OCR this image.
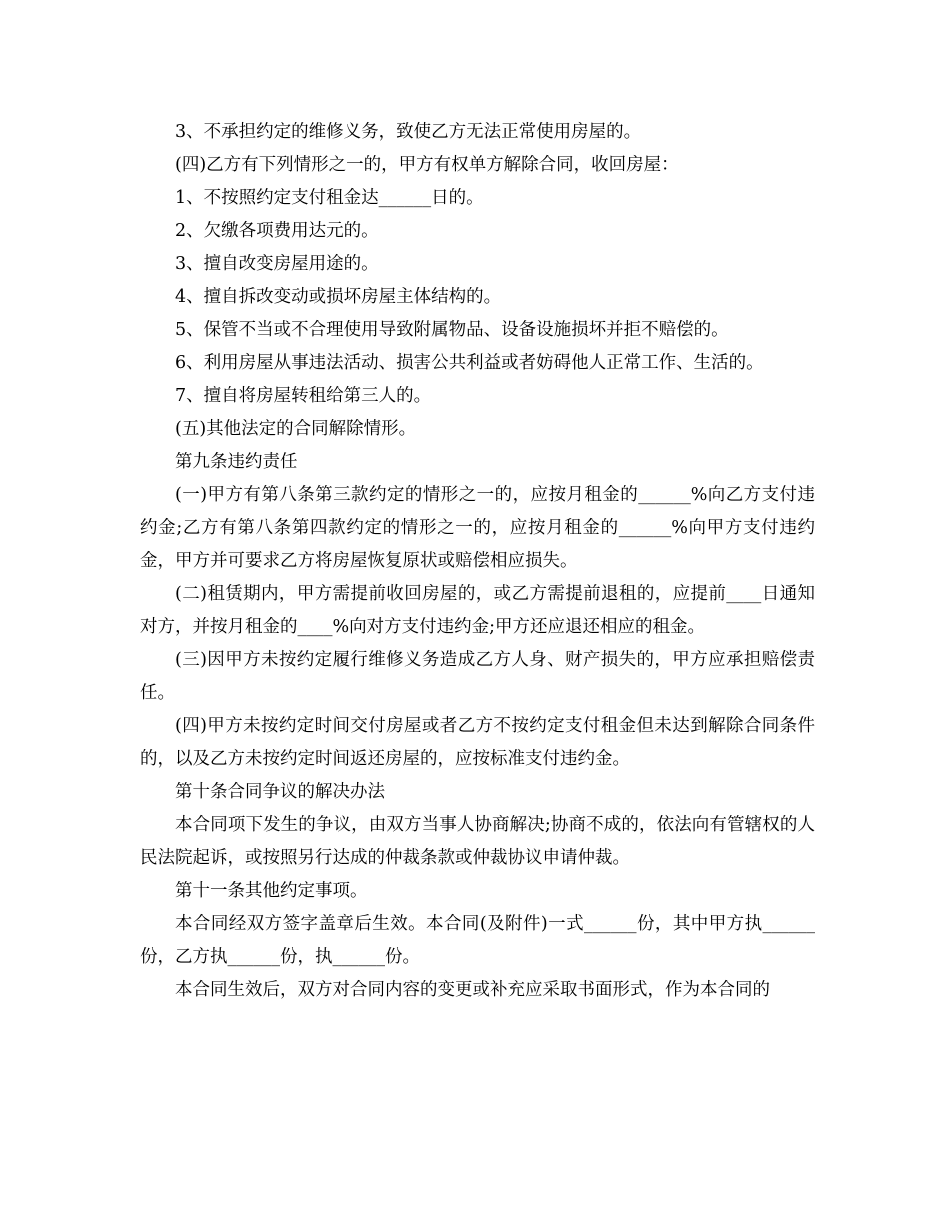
3、不承担约定的维修义务，致使乙方无法正常使用房屋的。

(四)乙方有下列情形之一的，甲方有权单方解除合同，收回房屋：

1、不按照约定支付租金达______日的。

2、欠缴各项费用达元的。

3、擅自改变房屋用途的。

4、擅自拆改变动或损坏房屋主体结构的。

5、保管不当或不合理使用导致附属物品、设备设施损坏并拒不赔偿的。

6、利用房屋从事违法活动、损害公共利益或者妨碍他人正常工作、生活的。

7、擅自将房屋转租给第三人的。

(五)其他法定的合同解除情形。

第九条违约责任

(一)甲方有第八条第三款约定的情形之一的，应按月租金的______%向乙方支付违约金;乙方有第八条第四款约定的情形之一的，应按月租金的______%向甲方支付违约金，甲方并可要求乙方将房屋恢复原状或赔偿相应损失。

(二)租赁期内，甲方需提前收回房屋的，或乙方需提前退租的，应提前____日通知对方，并按月租金的____%向对方支付违约金;甲方还应退还相应的租金。

(三)因甲方未按约定履行维修义务造成乙方人身、财产损失的，甲方应承担赔偿责任。

(四)甲方未按约定时间交付房屋或者乙方不按约定支付租金但未达到解除合同条件的，以及乙方未按约定时间返还房屋的，应按标准支付违约金。

第十条合同争议的解决办法

本合同项下发生的争议，由双方当事人协商解决;协商不成的，依法向有管辖权的人民法院起诉，或按照另行达成的仲裁条款或仲裁协议申请仲裁。

第十一条其他约定事项。

本合同经双方签字盖章后生效。本合同(及附件)一式______份，其中甲方执______份，乙方执______份，执______份。

本合同生效后，双方对合同内容的变更或补充应采取书面形式，作为本合同的
